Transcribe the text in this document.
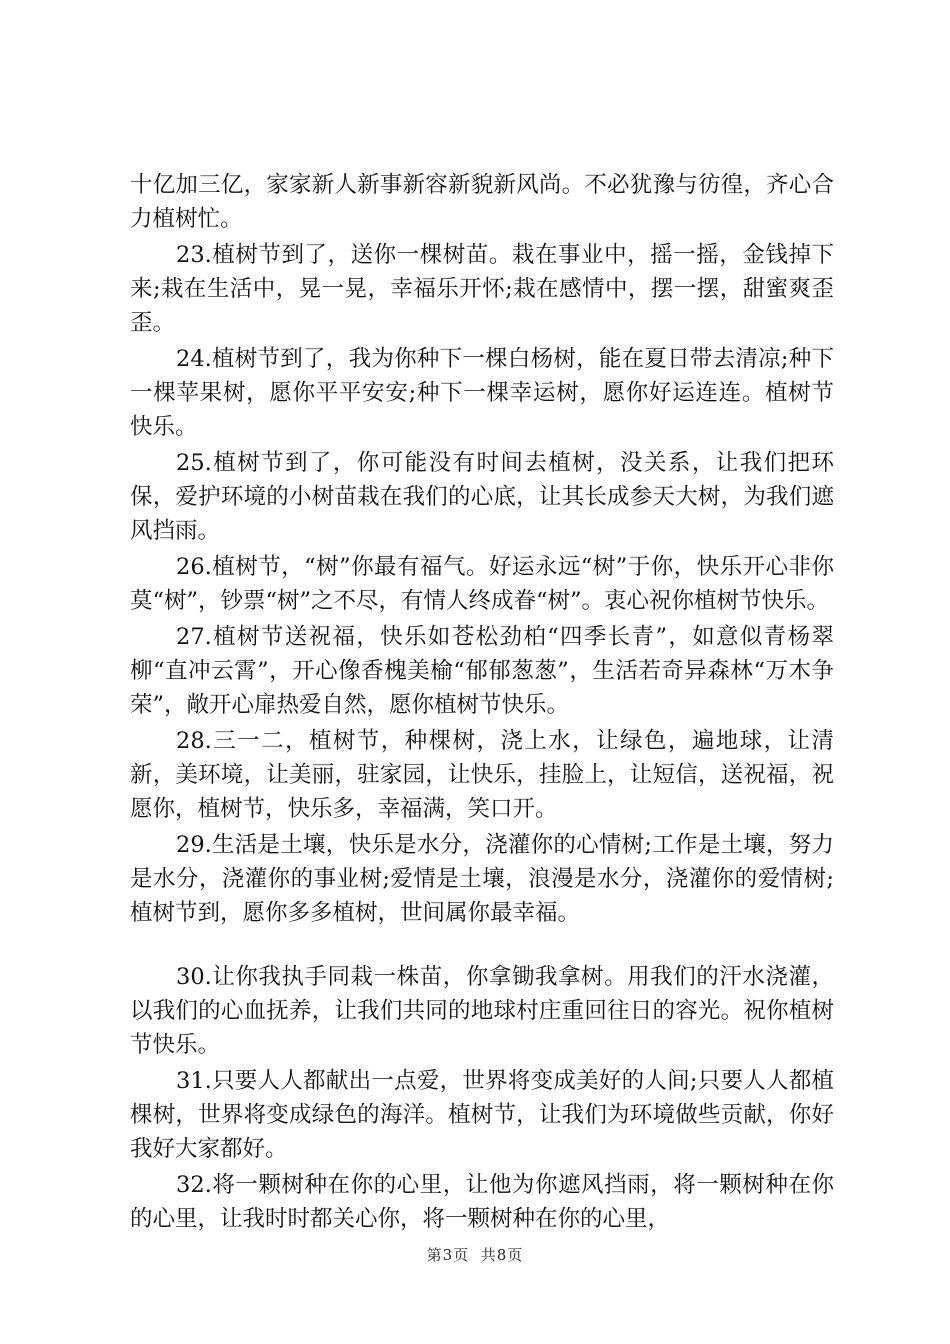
十亿加三亿，家家新人新事新容新貌新风尚。不必犹豫与彷徨，齐心合力植树忙。

23.植树节到了，送你一棵树苗。栽在事业中，摇一摇，金钱掉下来;栽在生活中，晃一晃，幸福乐开怀;栽在感情中，摆一摆，甜蜜爽歪歪。

24.植树节到了，我为你种下一棵白杨树，能在夏日带去清凉;种下一棵苹果树，愿你平平安安;种下一棵幸运树，愿你好运连连。植树节快乐。

25.植树节到了，你可能没有时间去植树，没关系，让我们把环保，爱护环境的小树苗栽在我们的心底，让其长成参天大树，为我们遮风挡雨。

26.植树节，“树”你最有福气。好运永远“树”于你，快乐开心非你莫“树”，钞票“树”之不尽，有情人终成眷“树”。衷心祝你植树节快乐。

27.植树节送祝福，快乐如苍松劲柏“四季长青”，如意似青杨翠柳“直冲云霄”，开心像香槐美榆“郁郁葱葱”，生活若奇异森林“万木争荣”，敞开心扉热爱自然，愿你植树节快乐。

28.三一二，植树节，种棵树，浇上水，让绿色，遍地球，让清新，美环境，让美丽，驻家园，让快乐，挂脸上，让短信，送祝福，祝愿你，植树节，快乐多，幸福满，笑口开。

29.生活是土壤，快乐是水分，浇灌你的心情树;工作是土壤，努力是水分，浇灌你的事业树;爱情是土壤，浪漫是水分，浇灌你的爱情树;植树节到，愿你多多植树，世间属你最幸福。

30.让你我执手同栽一株苗，你拿锄我拿树。用我们的汗水浇灌，以我们的心血抚养，让我们共同的地球村庄重回往日的容光。祝你植树节快乐。

31.只要人人都献出一点爱，世界将变成美好的人间;只要人人都植棵树，世界将变成绿色的海洋。植树节，让我们为环境做些贡献，你好我好大家都好。

32.将一颗树种在你的心里，让他为你遮风挡雨，将一颗树种在你的心里，让我时时都关心你，将一颗树种在你的心里，

第3页 共8页
